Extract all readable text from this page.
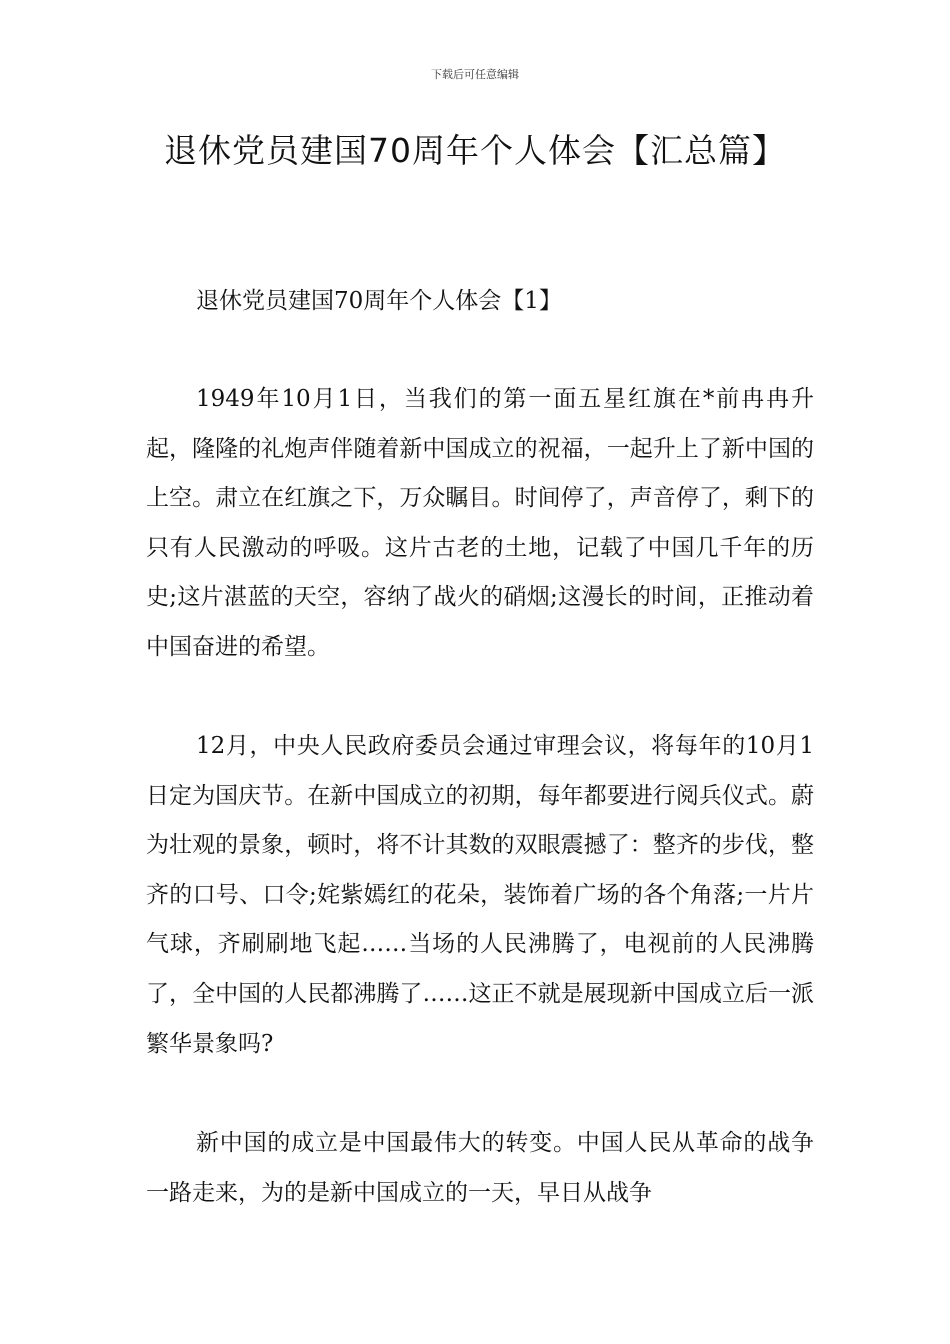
下载后可任意编辑
退休党员建国70周年个人体会【汇总篇】
退休党员建国70周年个人体会【1】

1949年10月1日，当我们的第一面五星红旗在*前冉冉升起，隆隆的礼炮声伴随着新中国成立的祝福，一起升上了新中国的上空。肃立在红旗之下，万众瞩目。时间停了，声音停了，剩下的只有人民激动的呼吸。这片古老的土地，记载了中国几千年的历史;这片湛蓝的天空，容纳了战火的硝烟;这漫长的时间，正推动着中国奋进的希望。

12月，中央人民政府委员会通过审理会议，将每年的10月1日定为国庆节。在新中国成立的初期，每年都要进行阅兵仪式。蔚为壮观的景象，顿时，将不计其数的双眼震撼了：整齐的步伐，整齐的口号、口令;姹紫嫣红的花朵，装饰着广场的各个角落;一片片气球，齐刷刷地飞起……当场的人民沸腾了，电视前的人民沸腾了，全中国的人民都沸腾了……这正不就是展现新中国成立后一派繁华景象吗?

新中国的成立是中国最伟大的转变。中国人民从革命的战争一路走来，为的是新中国成立的一天，早日从战争
